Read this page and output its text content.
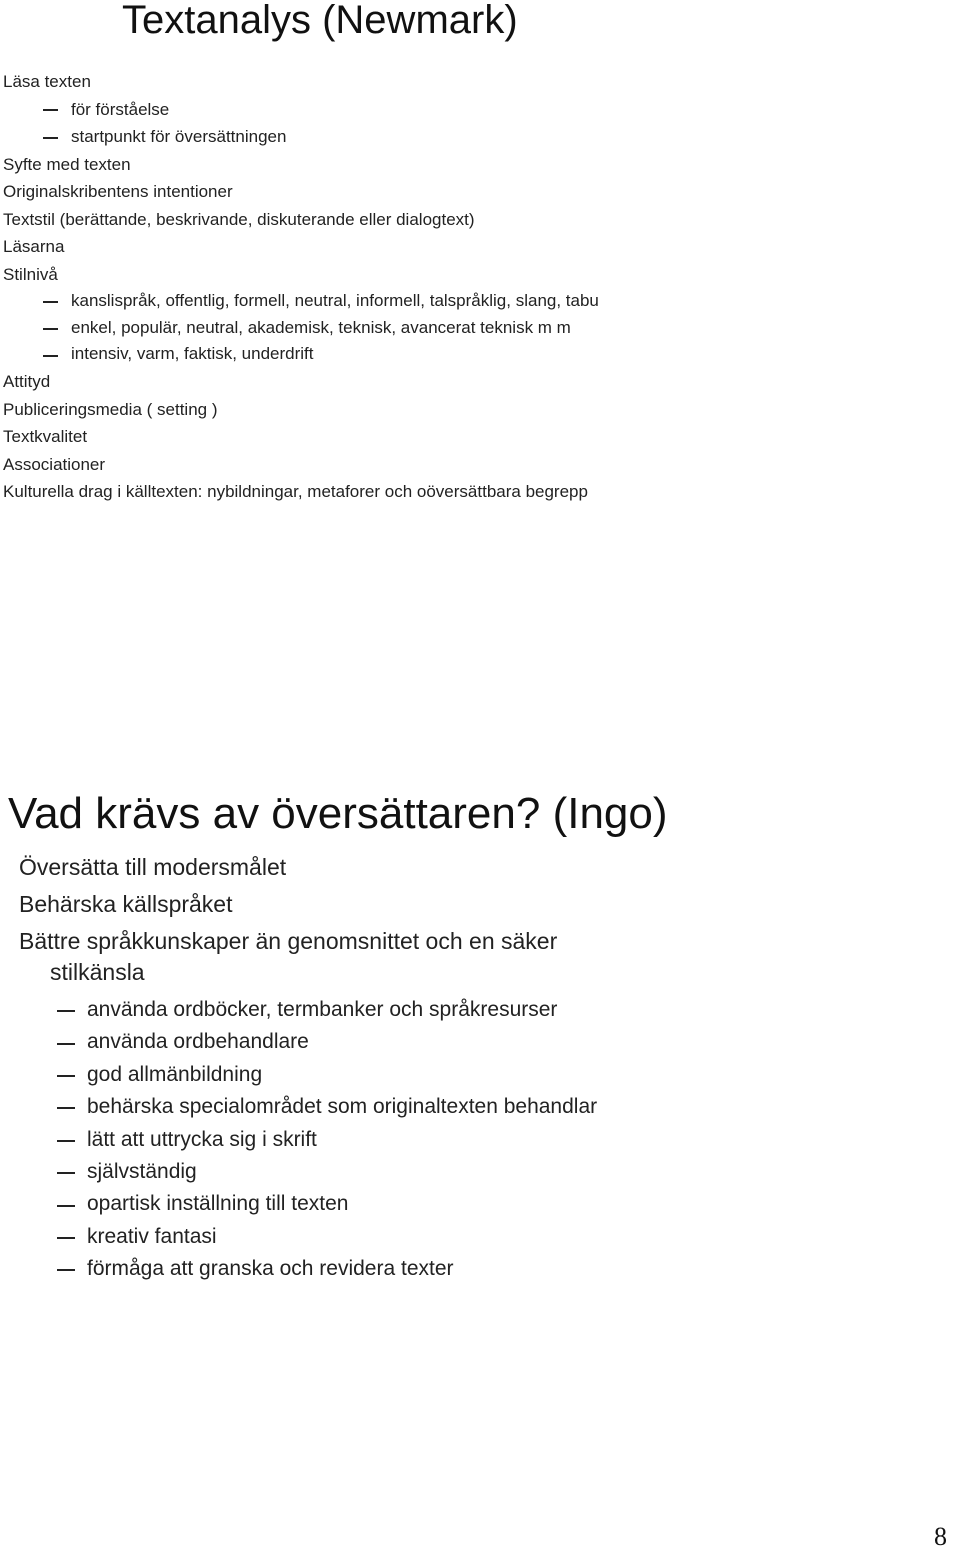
Textanalys (Newmark)
Läsa texten
för förståelse
startpunkt för översättningen
Syfte med texten
Originalskribentens intentioner
Textstil (berättande, beskrivande, diskuterande eller dialogtext)
Läsarna
Stilnivå
kanslispråk, offentlig, formell, neutral, informell, talspråklig, slang, tabu
enkel, populär, neutral, akademisk, teknisk, avancerat teknisk m m
intensiv, varm, faktisk, underdrift
Attityd
Publiceringsmedia ( setting )
Textkvalitet
Associationer
Kulturella drag i källtexten: nybildningar, metaforer och oöversättbara begrepp
Vad krävs av översättaren? (Ingo)
Översätta till modersmålet
Behärska källspråket
Bättre språkkunskaper än genomsnittet och en säker
stilkänsla
använda ordböcker, termbanker och språkresurser
använda ordbehandlare
god allmänbildning
behärska specialområdet som originaltexten behandlar
lätt att uttrycka sig i skrift
självständig
opartisk inställning till texten
kreativ fantasi
förmåga att granska och revidera texter
8
